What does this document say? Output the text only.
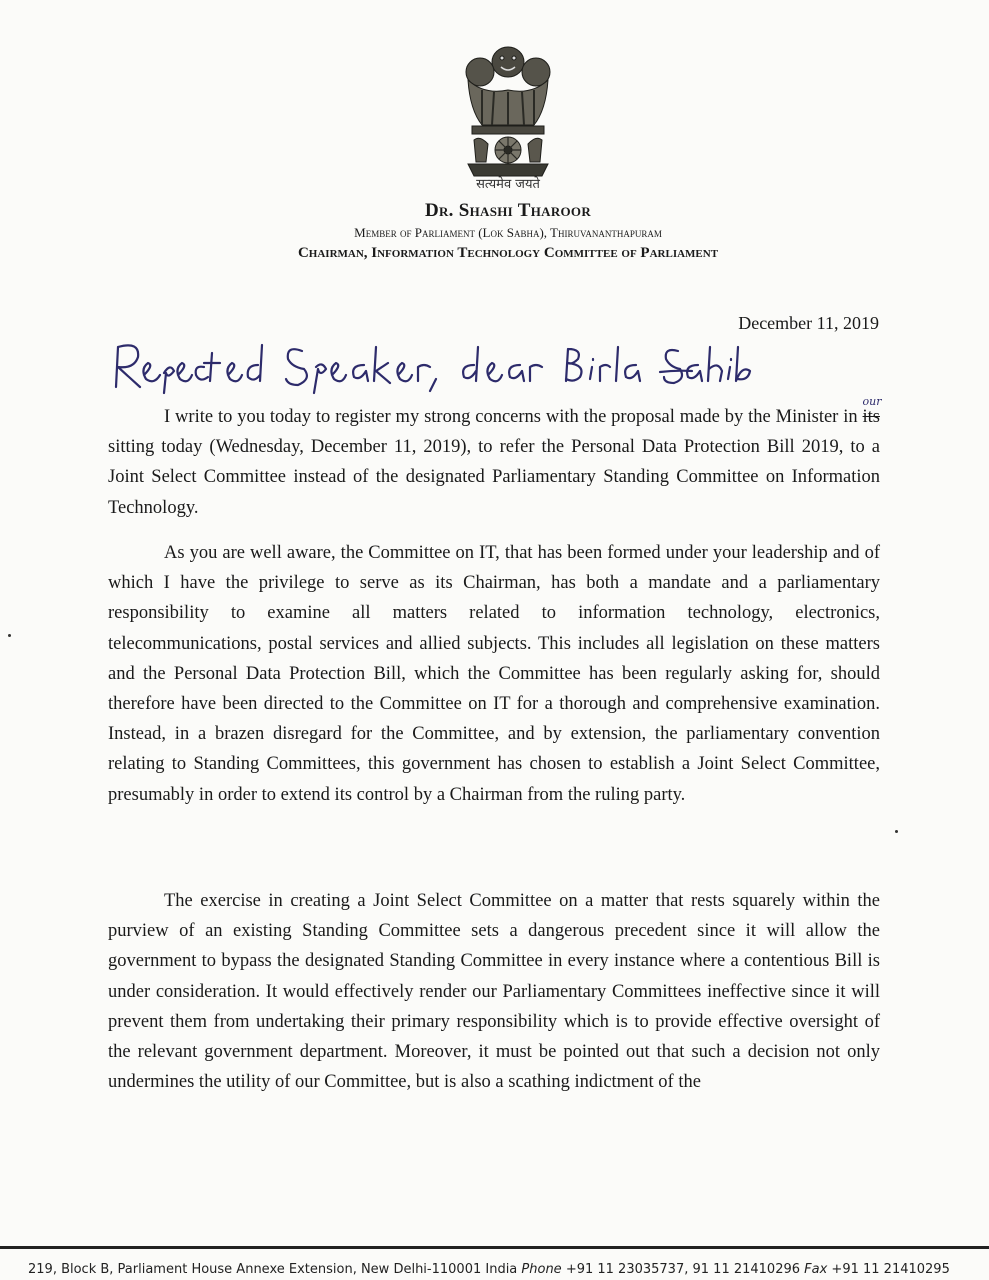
सत्यमेव जयते
Dr. Shashi Tharoor
Member of Parliament (Lok Sabha), Thiruvananthapuram
Chairman, Information Technology Committee of Parliament
December 11, 2019

I write to you today to register my strong concerns with the proposal made by the Minister in its
our
sitting today (Wednesday, December 11, 2019), to refer the Personal Data Protection Bill 2019, to a Joint Select Committee instead of the designated Parliamentary Standing Committee on Information Technology.

As you are well aware, the Committee on IT, that has been formed under your leadership and of which I have the privilege to serve as its Chairman, has both a mandate and a parliamentary responsibility to examine all matters related to information technology, electronics, telecommunications, postal services and allied subjects. This includes all legislation on these matters and the Personal Data Protection Bill, which the Committee has been regularly asking for, should therefore have been directed to the Committee on IT for a thorough and comprehensive examination. Instead, in a brazen disregard for the Committee, and by extension, the parliamentary convention relating to Standing Committees, this government has chosen to establish a Joint Select Committee, presumably in order to extend its control by a Chairman from the ruling party.

The exercise in creating a Joint Select Committee on a matter that rests squarely within the purview of an existing Standing Committee sets a dangerous precedent since it will allow the government to bypass the designated Standing Committee in every instance where a contentious Bill is under consideration. It would effectively render our Parliamentary Committees ineffective since it will prevent them from undertaking their primary responsibility which is to provide effective oversight of the relevant government department. Moreover, it must be pointed out that such a decision not only undermines the utility of our Committee, but is also a scathing indictment of the

219, Block B, Parliament House Annexe Extension, New Delhi-110001 India Phone +91 11 23035737, 91 11 21410296 Fax +91 11 21410295
